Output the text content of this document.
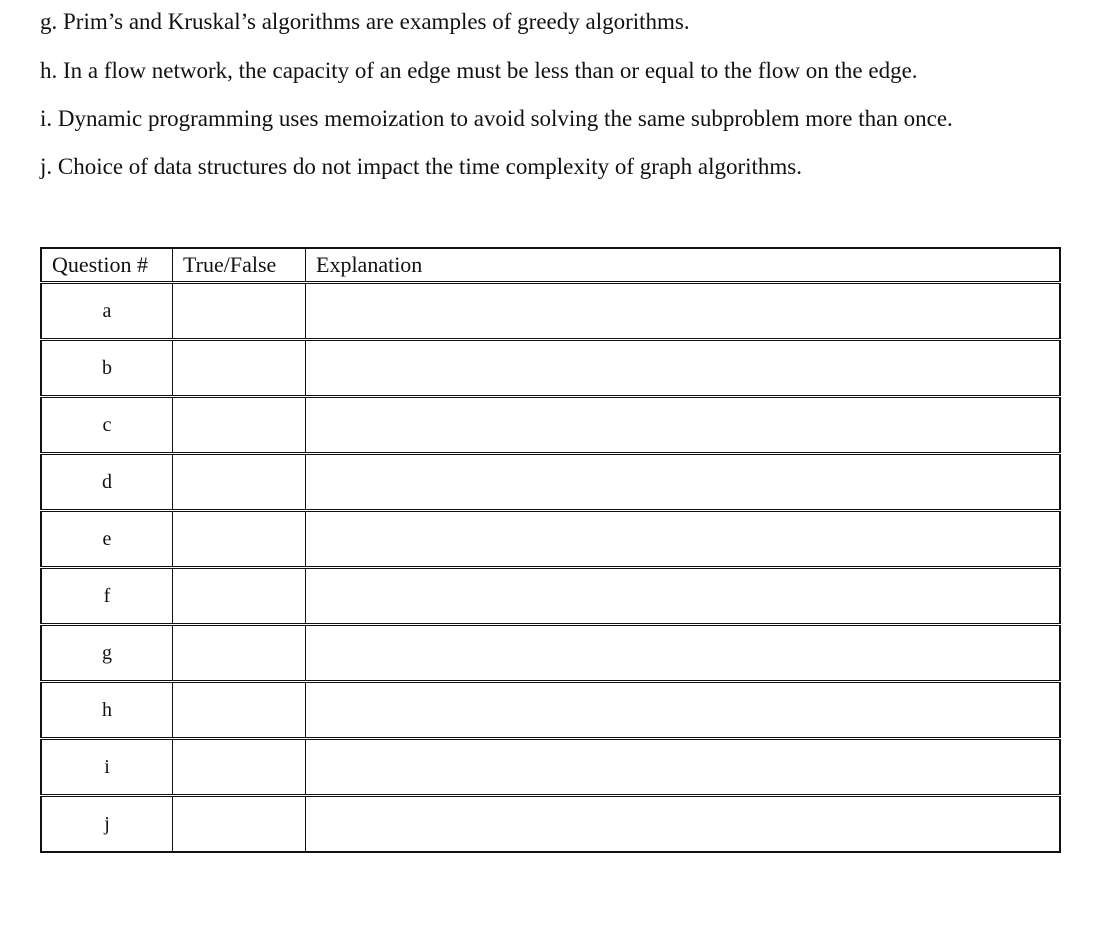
g. Prim’s and Kruskal’s algorithms are examples of greedy algorithms.
h. In a flow network, the capacity of an edge must be less than or equal to the flow on the edge.
i. Dynamic programming uses memoization to avoid solving the same subproblem more than once.
j. Choice of data structures do not impact the time complexity of graph algorithms.
Question #	True/False	Explanation
a		
b		
c		
d		
e		
f		
g		
h		
i		
j		
